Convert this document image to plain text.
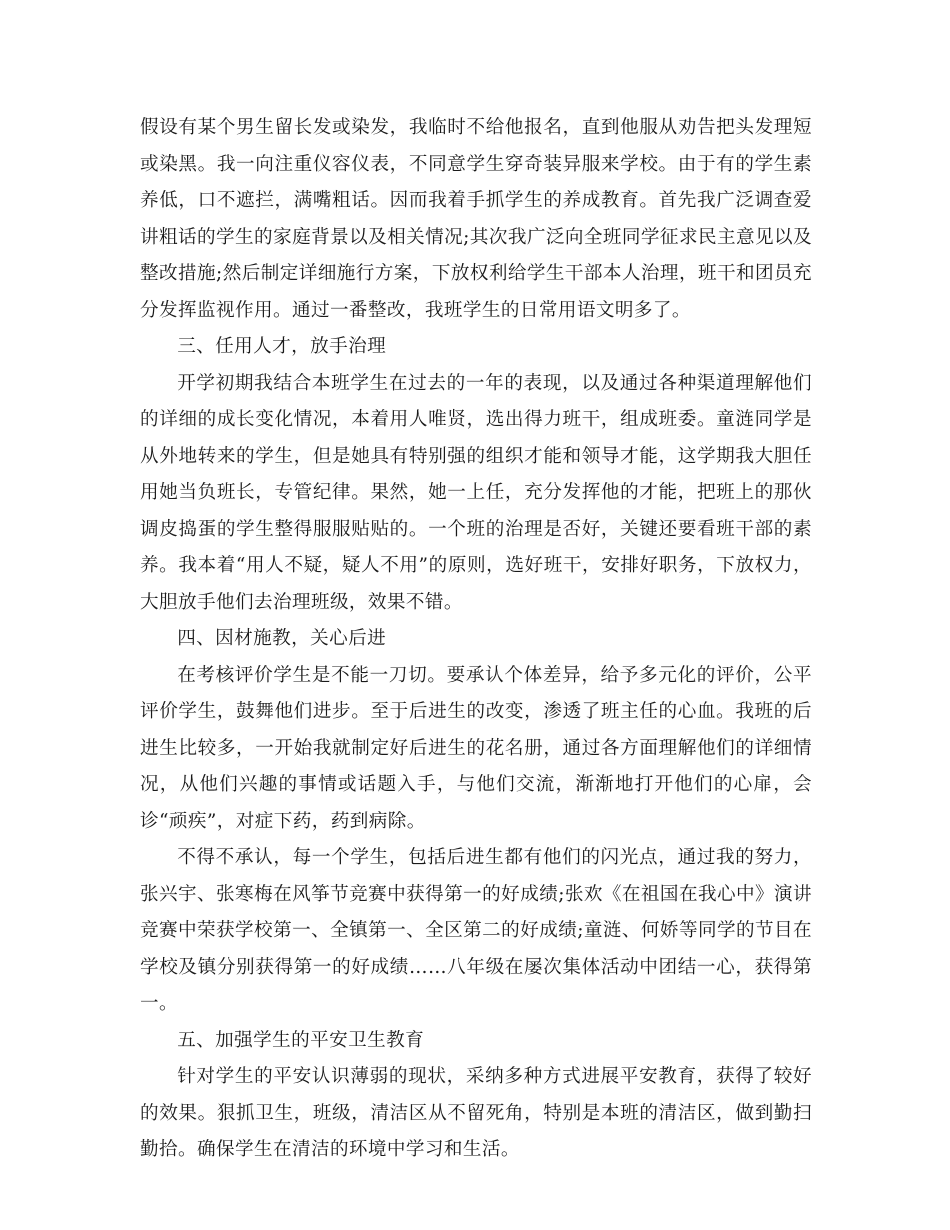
假设有某个男生留长发或染发，我临时不给他报名，直到他服从劝告把头发理短或染黑。我一向注重仪容仪表，不同意学生穿奇装异服来学校。由于有的学生素养低，口不遮拦，满嘴粗话。因而我着手抓学生的养成教育。首先我广泛调查爱讲粗话的学生的家庭背景以及相关情况;其次我广泛向全班同学征求民主意见以及整改措施;然后制定详细施行方案，下放权利给学生干部本人治理，班干和团员充分发挥监视作用。通过一番整改，我班学生的日常用语文明多了。

三、任用人才，放手治理

开学初期我结合本班学生在过去的一年的表现，以及通过各种渠道理解他们的详细的成长变化情况，本着用人唯贤，选出得力班干，组成班委。童涟同学是从外地转来的学生，但是她具有特别强的组织才能和领导才能，这学期我大胆任用她当负班长，专管纪律。果然，她一上任，充分发挥他的才能，把班上的那伙调皮捣蛋的学生整得服服贴贴的。一个班的治理是否好，关键还要看班干部的素养。我本着“用人不疑，疑人不用”的原则，选好班干，安排好职务，下放权力，大胆放手他们去治理班级，效果不错。

四、因材施教，关心后进

在考核评价学生是不能一刀切。要承认个体差异，给予多元化的评价，公平评价学生，鼓舞他们进步。至于后进生的改变，渗透了班主任的心血。我班的后进生比较多，一开始我就制定好后进生的花名册，通过各方面理解他们的详细情况，从他们兴趣的事情或话题入手，与他们交流，渐渐地打开他们的心扉，会诊“顽疾”，对症下药，药到病除。

不得不承认，每一个学生，包括后进生都有他们的闪光点，通过我的努力，张兴宇、张寒梅在风筝节竞赛中获得第一的好成绩;张欢《在祖国在我心中》演讲竞赛中荣获学校第一、全镇第一、全区第二的好成绩;童涟、何娇等同学的节目在学校及镇分别获得第一的好成绩……八年级在屡次集体活动中团结一心，获得第一。

五、加强学生的平安卫生教育

针对学生的平安认识薄弱的现状，采纳多种方式进展平安教育，获得了较好的效果。狠抓卫生，班级，清洁区从不留死角，特别是本班的清洁区，做到勤扫勤拾。确保学生在清洁的环境中学习和生活。
